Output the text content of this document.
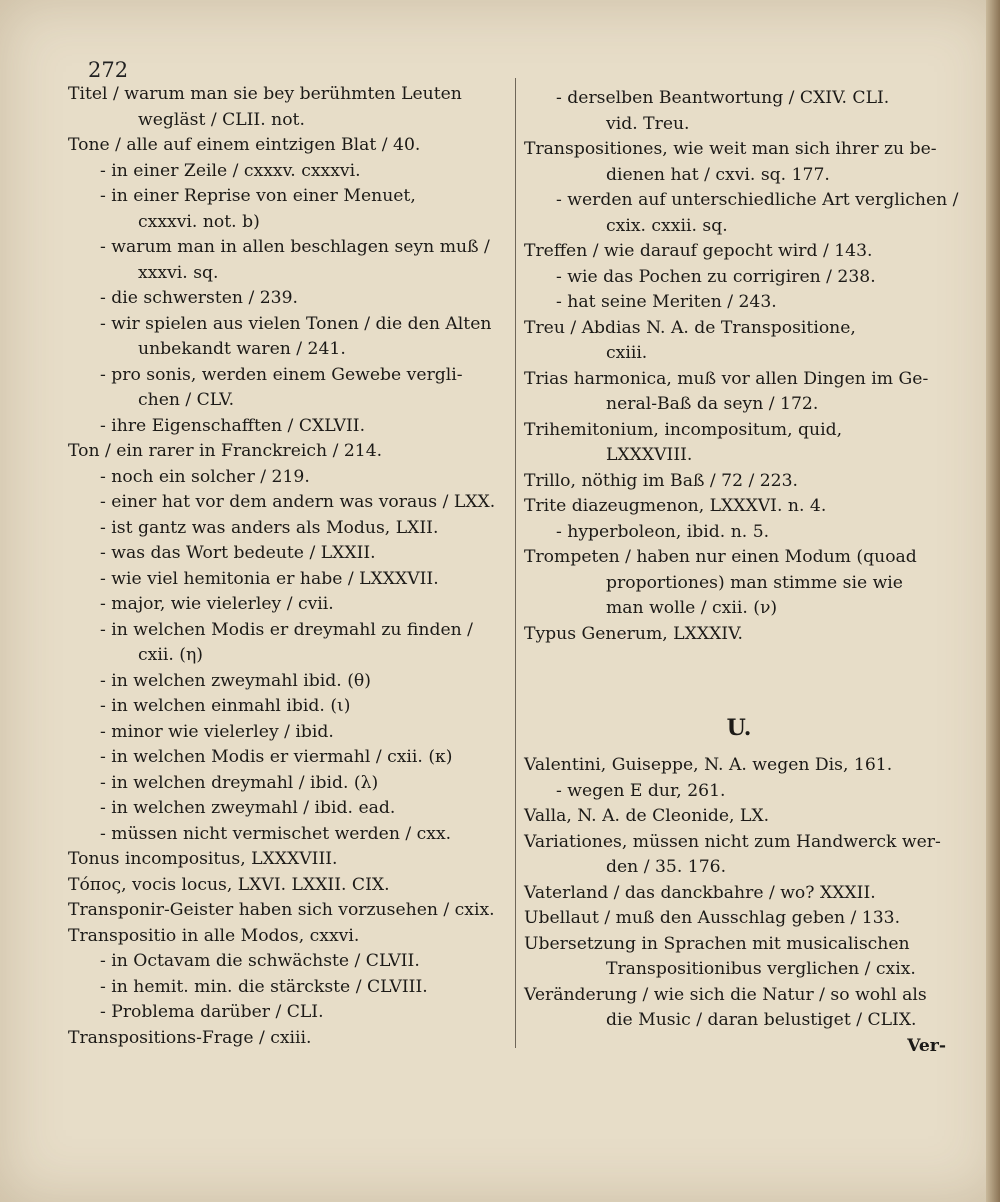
272
Titel / warum man sie bey berühmten Leuten
wegläst / CLII. not.
Tone / alle auf einem eintzigen Blat / 40.
- in einer Zeile / cxxxv. cxxxvi.
- in einer Reprise von einer Menuet,
cxxxvi. not. b)
- warum man in allen beschlagen seyn muß /
xxxvi. sq.
- die schwersten / 239.
- wir spielen aus vielen Tonen / die den Alten
unbekandt waren / 241.
- pro sonis, werden einem Gewebe vergli-
chen / CLV.
- ihre Eigenschafften / CXLVII.
Ton / ein rarer in Franckreich / 214.
- noch ein solcher / 219.
- einer hat vor dem andern was voraus / LXX.
- ist gantz was anders als Modus, LXII.
- was das Wort bedeute / LXXII.
- wie viel hemitonia er habe / LXXXVII.
- major, wie vielerley / cvii.
- in welchen Modis er dreymahl zu finden /
cxii. (η)
- in welchen zweymahl ibid. (θ)
- in welchen einmahl ibid. (ι)
- minor wie vielerley / ibid.
- in welchen Modis er viermahl / cxii. (κ)
- in welchen dreymahl / ibid. (λ)
- in welchen zweymahl / ibid. ead.
- müssen nicht vermischet werden / cxx.
Tonus incompositus, LXXXVIII.
Τόπος, vocis locus, LXVI. LXXII. CIX.
Transponir-Geister haben sich vorzusehen / cxix.
Transpositio in alle Modos, cxxvi.
- in Octavam die schwächste / CLVII.
- in hemit. min. die stärckste / CLVIII.
- Problema darüber / CLI.
Transpositions-Frage / cxiii.
- derselben Beantwortung / CXIV. CLI.
vid. Treu.
Transpositiones, wie weit man sich ihrer zu be-
dienen hat / cxvi. sq. 177.
- werden auf unterschiedliche Art verglichen /
cxix. cxxii. sq.
Treffen / wie darauf gepocht wird / 143.
- wie das Pochen zu corrigiren / 238.
- hat seine Meriten / 243.
Treu / Abdias N. A. de Transpositione,
cxiii.
Trias harmonica, muß vor allen Dingen im Ge-
neral-Baß da seyn / 172.
Trihemitonium, incompositum, quid,
LXXXVIII.
Trillo, nöthig im Baß / 72 / 223.
Trite diazeugmenon, LXXXVI. n. 4.
- hyperboleon, ibid. n. 5.
Trompeten / haben nur einen Modum (quoad
proportiones) man stimme sie wie
man wolle / cxii. (ν)
Typus Generum, LXXXIV.
U.
Valentini, Guiseppe, N. A. wegen Dis, 161.
- wegen E dur, 261.
Valla, N. A. de Cleonide, LX.
Variationes, müssen nicht zum Handwerck wer-
den / 35. 176.
Vaterland / das danckbahre / wo? XXXII.
Ubellaut / muß den Ausschlag geben / 133.
Ubersetzung in Sprachen mit musicalischen
Transpositionibus verglichen / cxix.
Veränderung / wie sich die Natur / so wohl als
die Music / daran belustiget / CLIX.
Ver-
